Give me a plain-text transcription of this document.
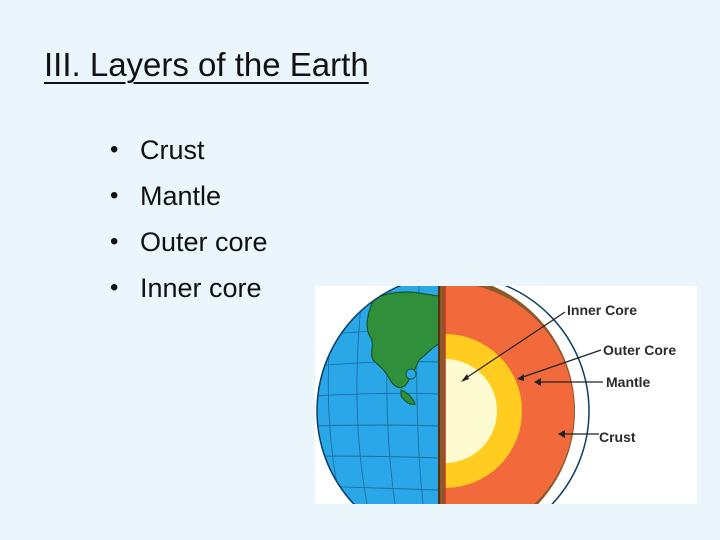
III. Layers of the Earth
• Crust
• Mantle
• Outer core
• Inner core
Inner Core
Outer Core
Mantle
Crust
